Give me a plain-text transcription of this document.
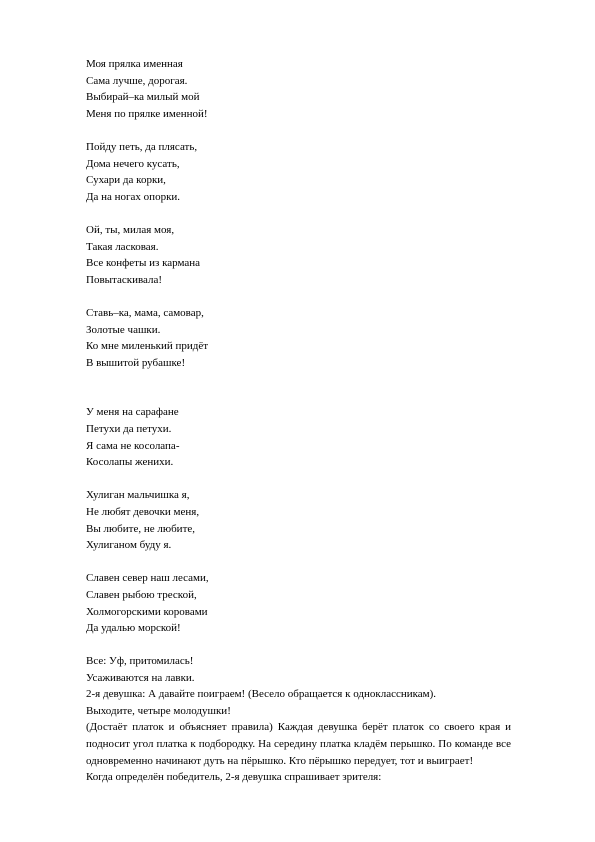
Моя прялка именная
Сама лучше, дорогая.
Выбирай–ка милый мой
Меня по прялке именной!
Пойду петь, да плясать,
Дома нечего кусать,
Сухари да корки,
Да на ногах опорки.
Ой, ты, милая моя,
Такая ласковая.
Все конфеты из кармана
Повытаскивала!
Ставь–ка, мама, самовар,
Золотые чашки.
Ко мне миленький придёт
В вышитой рубашке!
У меня на сарафане
Петухи да петухи.
Я сама не косолапа-
Косолапы женихи.
Хулиган мальчишка я,
Не любят девочки меня,
Вы любите, не любите,
Хулиганом буду я.
Славен север наш лесами,
Славен рыбою треской,
Холмогорскими коровами
Да удалью морской!
Все: Уф, притомилась!
Усаживаются на лавки.
2-я девушка: А давайте поиграем! (Весело обращается к одноклассникам).
Выходите, четыре молодушки!
(Достаёт платок и объясняет правила) Каждая девушка берёт платок со своего края и подносит угол платка к подбородку. На середину платка кладём перышко. По команде все одновременно начинают дуть на пёрышко. Кто пёрышко передует, тот и выиграет!
Когда определён победитель, 2-я девушка спрашивает зрителя:
